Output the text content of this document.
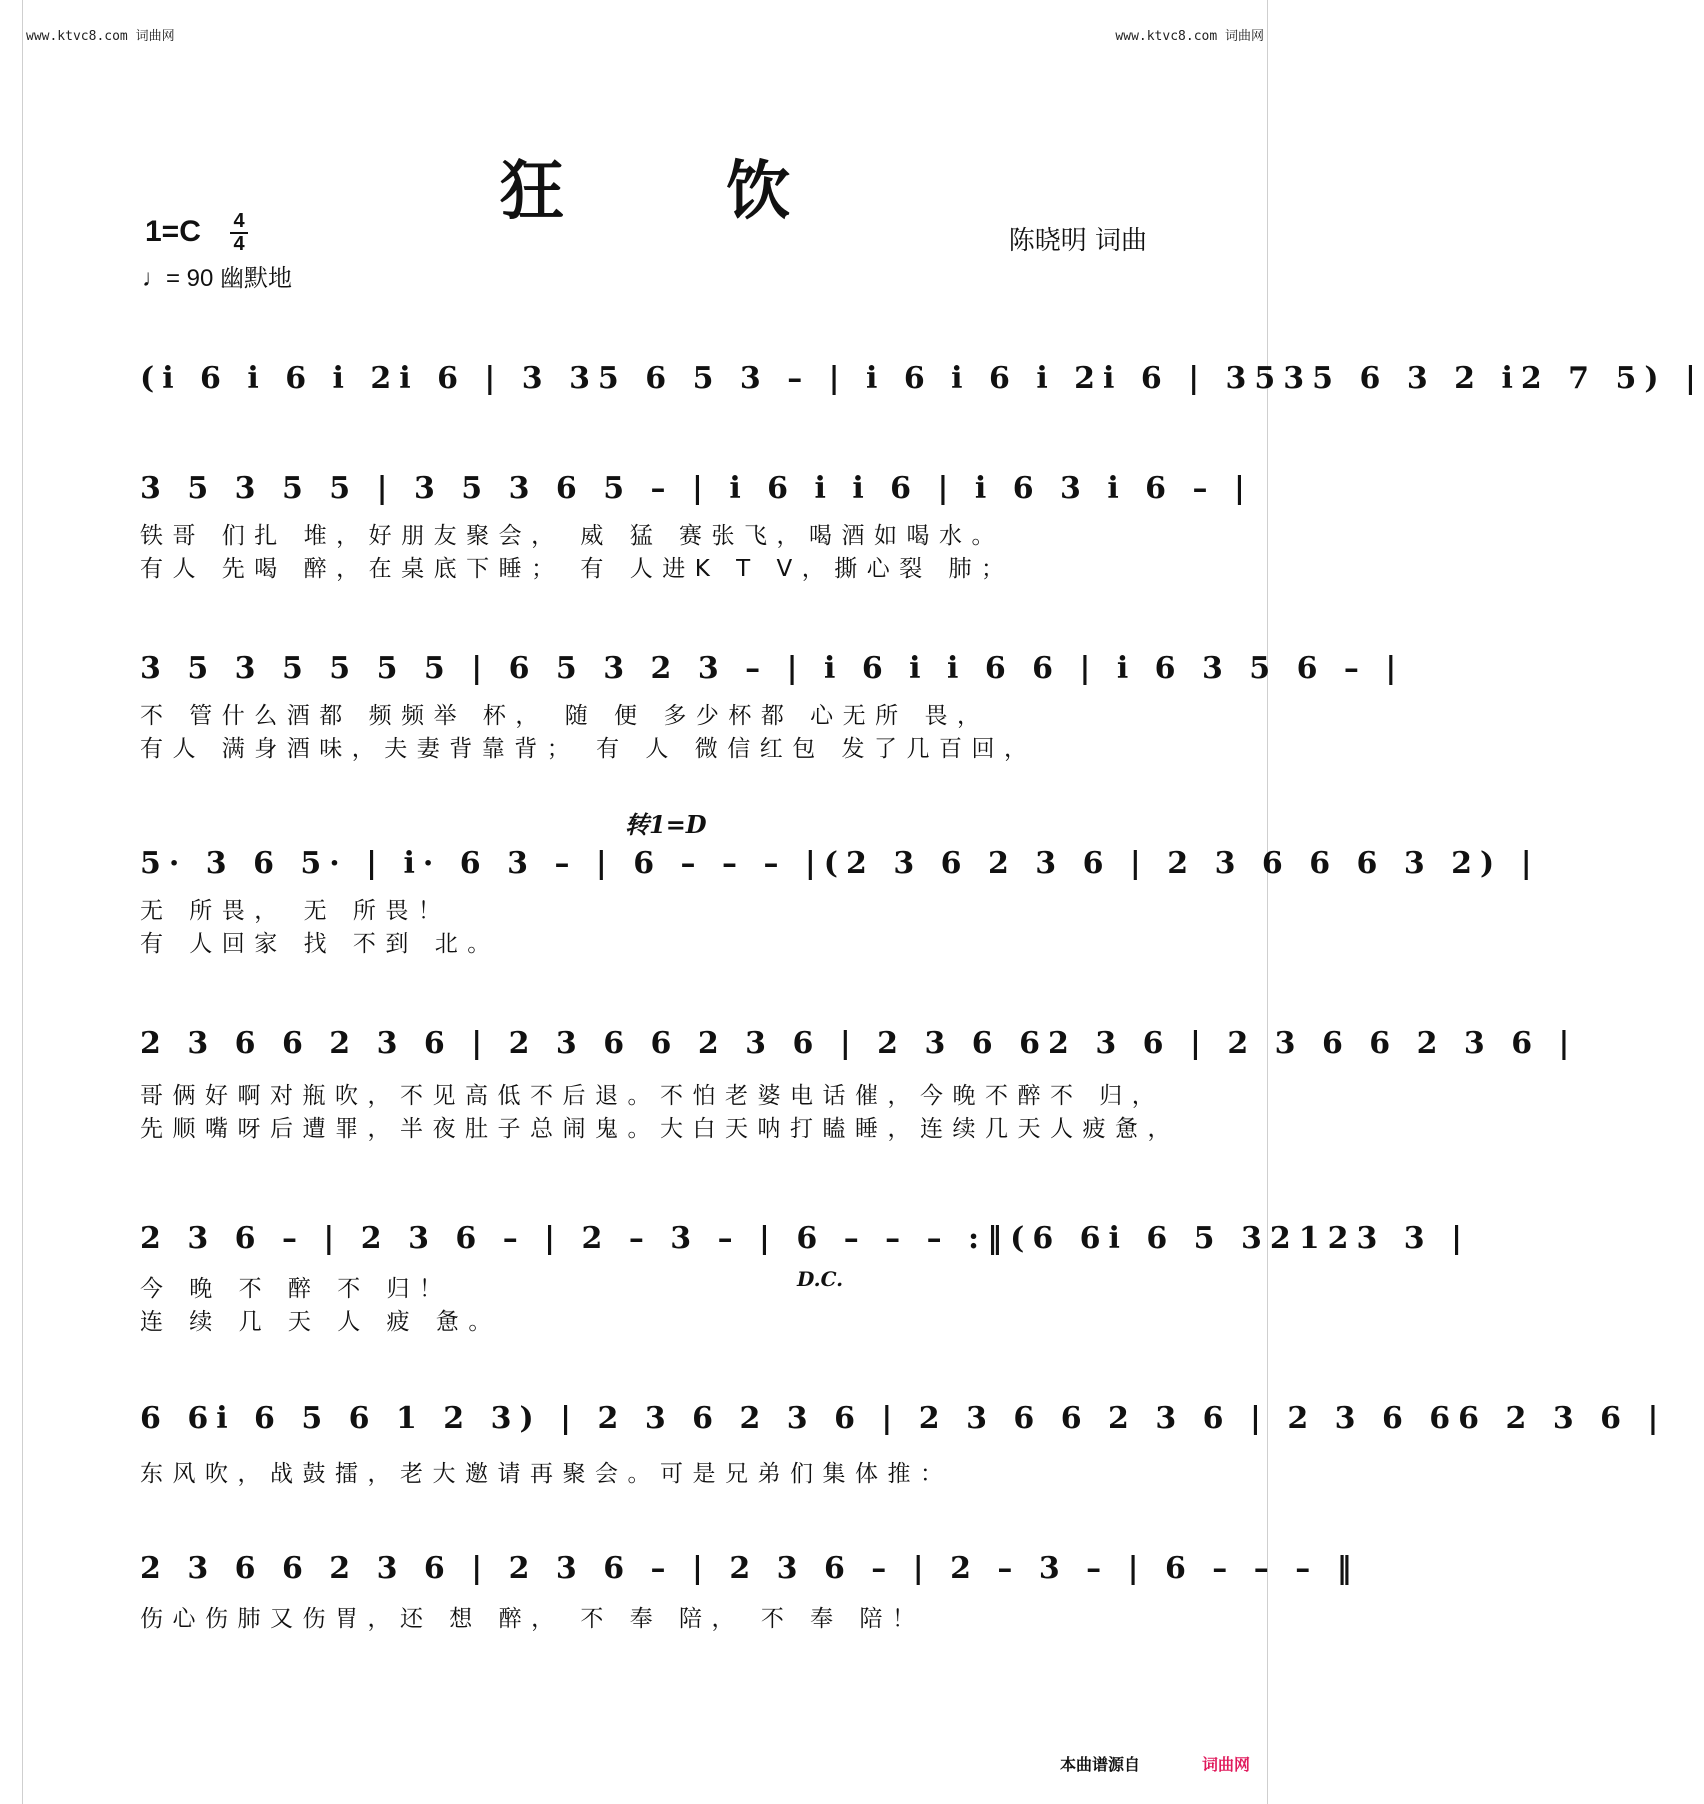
www.ktvc8.com 词曲网	www.ktvc8.com 词曲网
狂 饮
1=C 4
4
♩= 90 幽默地
陈晓明 词曲
(i 6 i 6 i 2i 6 | 3 35 6 5 3 – | i 6 i 6 i 2i 6 | 3535 6 3 2 i2 7 5) |
3 5 3 5 5 | 3 5 3 6 5 – | i 6 i i 6 | i 6 3 i 6 – |
铁哥 们扎 堆，好朋友聚会， 威 猛 赛张飞，喝酒如喝水。
有人 先喝 醉，在桌底下睡； 有 人进K T V，撕心裂 肺；
3 5 3 5 5 5 5 | 6 5 3 2 3 – | i 6 i i 6 6 | i 6 3 5 6 – |
不 管什么酒都 频频举 杯， 随 便 多少杯都 心无所 畏，
有人 满身酒味，夫妻背靠背； 有 人 微信红包 发了几百回，
转1=D
5· 3 6 5· | i· 6 3 – | 6 – – – |(2 3 6 2 3 6 | 2 3 6 6 6 3 2) |
无 所畏， 无 所畏！
有 人回家 找 不到 北。
2 3 6 6 2 3 6 | 2 3 6 6 2 3 6 | 2 3 6 62 3 6 | 2 3 6 6 2 3 6 |
哥俩好啊对瓶吹，不见高低不后退。不怕老婆电话催，今晚不醉不 归，
先顺嘴呀后遭罪，半夜肚子总闹鬼。大白天呐打瞌睡，连续几天人疲惫，
2 3 6 – | 2 3 6 – | 2 – 3 – | 6 – – – :‖(6 6i 6 5 32123 3 |
D.C.
今 晚 不 醉 不 归！
连 续 几 天 人 疲 惫。
6 6i 6 5 6 1 2 3) | 2 3 6 2 3 6 | 2 3 6 6 2 3 6 | 2 3 6 66 2 3 6 |
东风吹，战鼓擂，老大邀请再聚会。可是兄弟们集体推：
2 3 6 6 2 3 6 | 2 3 6 – | 2 3 6 – | 2 – 3 – | 6 – – – ‖
伤心伤肺又伤胃，还 想 醉， 不 奉 陪， 不 奉 陪！
本曲谱源自	词曲网
